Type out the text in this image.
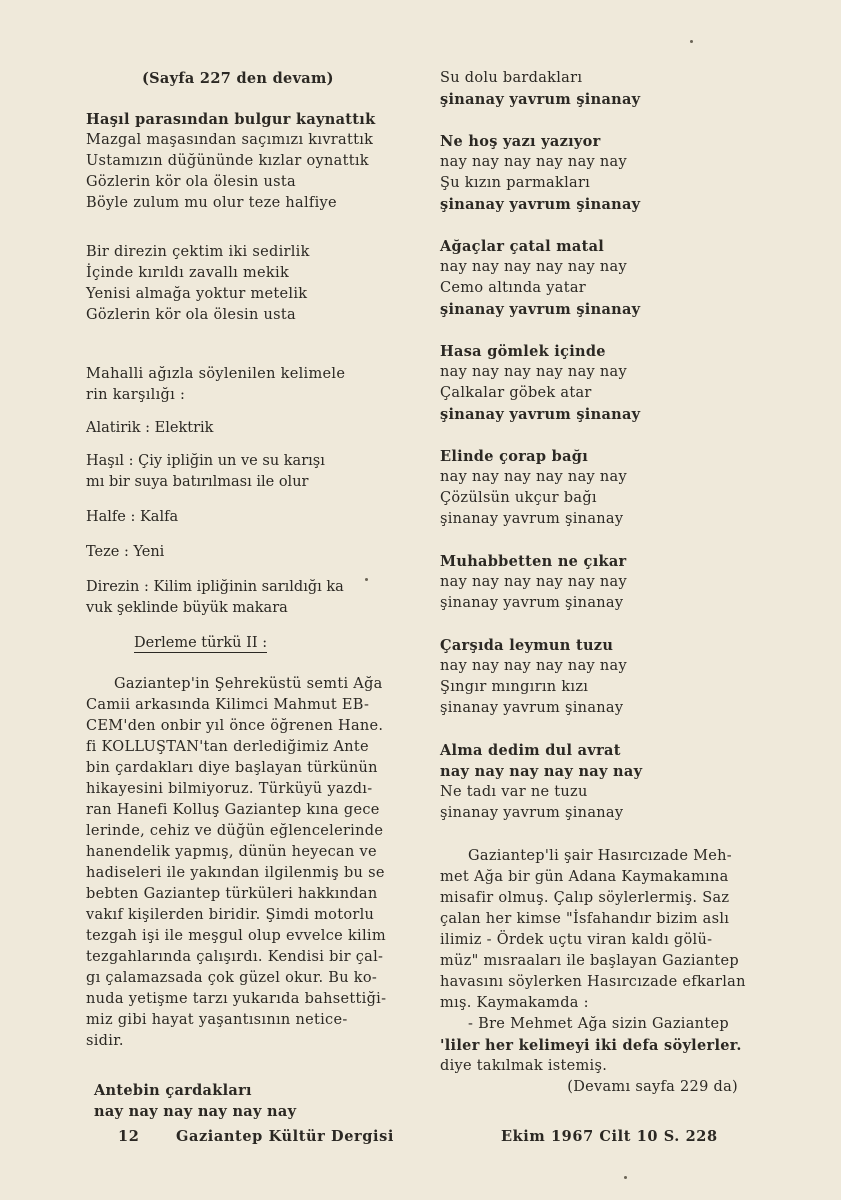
(Sayfa 227 den devam)
Haşıl parasından bulgur kaynattık
Mazgal maşasından saçımızı kıvrattık
Ustamızın düğününde kızlar oynattık
Gözlerin kör ola ölesin usta
Böyle zulum mu olur teze halfiye
Bir direzin çektim iki sedirlik
İçinde kırıldı zavallı mekik
Yenisi almağa yoktur metelik
Gözlerin kör ola ölesin usta
Mahalli ağızla söylenilen kelimele
rin karşılığı :
Alatirik : Elektrik
Haşıl : Çiy ipliğin un ve su karışı
mı bir suya batırılması ile olur
Halfe : Kalfa
Teze : Yeni
Direzin : Kilim ipliğinin sarıldığı ka
vuk şeklinde büyük makara
Derleme türkü II :
Gaziantep'in Şehreküstü semti Ağa
Camii arkasında Kilimci Mahmut EB-
CEM'den onbir yıl önce öğrenen Hane.
fi KOLLUŞTAN'tan derlediğimiz Ante
bin çardakları diye başlayan türkünün
hikayesini bilmiyoruz. Türküyü yazdı-
ran Hanefi Kolluş Gaziantep kına gece
lerinde, cehiz ve düğün eğlencelerinde
hanendelik yapmış, dünün heyecan ve
hadiseleri ile yakından ilgilenmiş bu se
bebten Gaziantep türküleri hakkından
vakıf kişilerden biridir. Şimdi motorlu
tezgah işi ile meşgul olup evvelce kilim
tezgahlarında çalışırdı. Kendisi bir çal-
gı çalamazsada çok güzel okur. Bu ko-
nuda yetişme tarzı yukarıda bahsettiği-
miz gibi hayat yaşantısının netice-
sidir.
Antebin çardakları
nay nay nay nay nay nay
Su dolu bardakları
şinanay yavrum şinanay
Ne hoş yazı yazıyor
nay nay nay nay nay nay
Şu kızın parmakları
şinanay yavrum şinanay
Ağaçlar çatal matal
nay nay nay nay nay nay
Cemo altında yatar
şinanay yavrum şinanay
Hasa gömlek içinde
nay nay nay nay nay nay
Çalkalar göbek atar
şinanay yavrum şinanay
Elinde çorap bağı
nay nay nay nay nay nay
Çözülsün ukçur bağı
şinanay yavrum şinanay
Muhabbetten ne çıkar
nay nay nay nay nay nay
şinanay yavrum şinanay
Çarşıda leymun tuzu
nay nay nay nay nay nay
Şıngır mıngırın kızı
şinanay yavrum şinanay
Alma dedim dul avrat
nay nay nay nay nay nay
Ne tadı var ne tuzu
şinanay yavrum şinanay
Gaziantep'li şair Hasırcızade Meh-
met Ağa bir gün Adana Kaymakamına
misafir olmuş. Çalıp söylerlermiş. Saz
çalan her kimse "İsfahandır bizim aslı
ilimiz - Ördek uçtu viran kaldı gölü-
müz" mısraaları ile başlayan Gaziantep
havasını söylerken Hasırcızade efkarlan
mış. Kaymakamda :
- Bre Mehmet Ağa sizin Gaziantep
'liler her kelimeyi iki defa söylerler.
diye takılmak istemiş.
(Devamı sayfa 229 da)
12	Gaziantep Kültür Dergisi	Ekim 1967 Cilt 10 S. 228
